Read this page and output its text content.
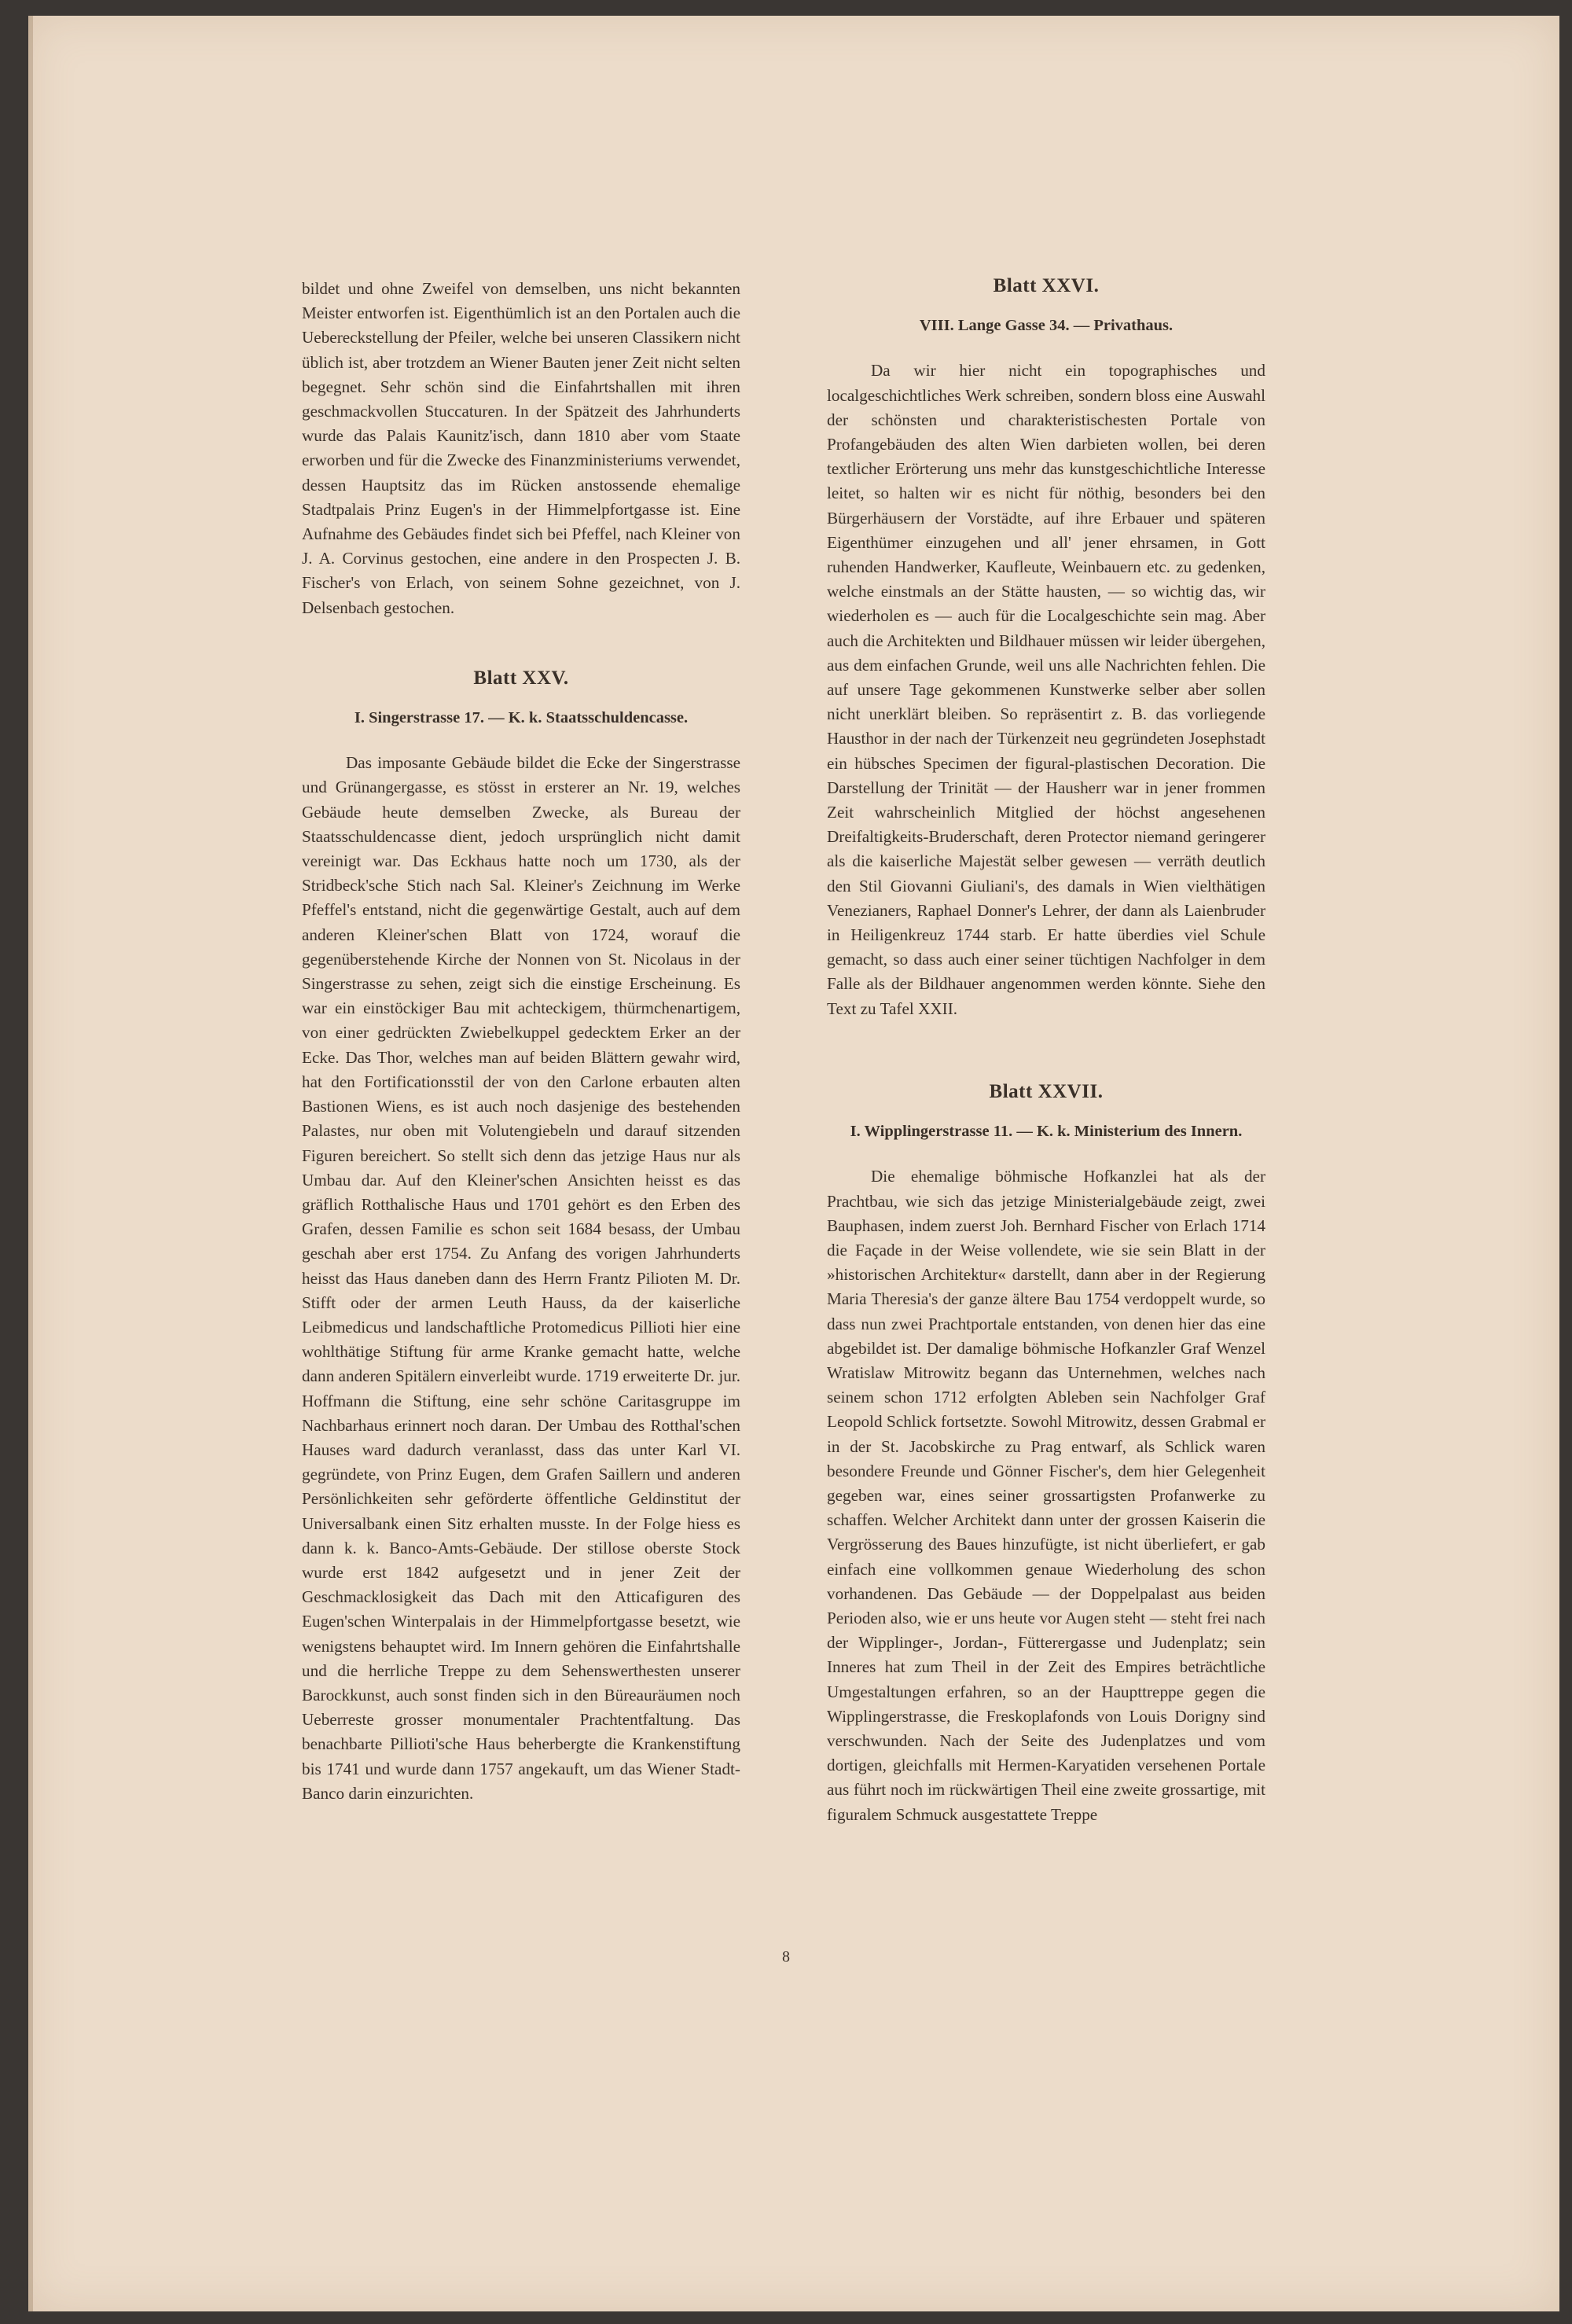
bildet und ohne Zweifel von demselben, uns nicht bekannten Meister entworfen ist. Eigenthümlich ist an den Portalen auch die Uebereckstellung der Pfeiler, welche bei unseren Classikern nicht üblich ist, aber trotzdem an Wiener Bauten jener Zeit nicht selten begegnet. Sehr schön sind die Einfahrtshallen mit ihren geschmackvollen Stuccaturen. In der Spätzeit des Jahrhunderts wurde das Palais Kaunitz'isch, dann 1810 aber vom Staate erworben und für die Zwecke des Finanzministeriums verwendet, dessen Hauptsitz das im Rücken anstossende ehemalige Stadtpalais Prinz Eugen's in der Himmelpfortgasse ist. Eine Aufnahme des Gebäudes findet sich bei Pfeffel, nach Kleiner von J. A. Corvinus gestochen, eine andere in den Prospecten J. B. Fischer's von Erlach, von seinem Sohne gezeichnet, von J. Delsenbach gestochen.

Blatt XXV.
I. Singerstrasse 17. — K. k. Staatsschuldencasse.

Das imposante Gebäude bildet die Ecke der Singerstrasse und Grünangergasse, es stösst in ersterer an Nr. 19, welches Gebäude heute demselben Zwecke, als Bureau der Staatsschuldencasse dient, jedoch ursprünglich nicht damit vereinigt war. Das Eckhaus hatte noch um 1730, als der Stridbeck'sche Stich nach Sal. Kleiner's Zeichnung im Werke Pfeffel's entstand, nicht die gegenwärtige Gestalt, auch auf dem anderen Kleiner'schen Blatt von 1724, worauf die gegenüberstehende Kirche der Nonnen von St. Nicolaus in der Singerstrasse zu sehen, zeigt sich die einstige Erscheinung. Es war ein einstöckiger Bau mit achteckigem, thürmchenartigem, von einer gedrückten Zwiebelkuppel gedecktem Erker an der Ecke. Das Thor, welches man auf beiden Blättern gewahr wird, hat den Fortificationsstil der von den Carlone erbauten alten Bastionen Wiens, es ist auch noch dasjenige des bestehenden Palastes, nur oben mit Volutengiebeln und darauf sitzenden Figuren bereichert. So stellt sich denn das jetzige Haus nur als Umbau dar. Auf den Kleiner'schen Ansichten heisst es das gräflich Rotthalische Haus und 1701 gehört es den Erben des Grafen, dessen Familie es schon seit 1684 besass, der Umbau geschah aber erst 1754. Zu Anfang des vorigen Jahrhunderts heisst das Haus daneben dann des Herrn Frantz Pilioten M. Dr. Stifft oder der armen Leuth Hauss, da der kaiserliche Leibmedicus und landschaftliche Protomedicus Pillioti hier eine wohlthätige Stiftung für arme Kranke gemacht hatte, welche dann anderen Spitälern einverleibt wurde. 1719 erweiterte Dr. jur. Hoffmann die Stiftung, eine sehr schöne Caritasgruppe im Nachbarhaus erinnert noch daran. Der Umbau des Rotthal'schen Hauses ward dadurch veranlasst, dass das unter Karl VI. gegründete, von Prinz Eugen, dem Grafen Saillern und anderen Persönlichkeiten sehr geförderte öffentliche Geldinstitut der Universalbank einen Sitz erhalten musste. In der Folge hiess es dann k. k. Banco-Amts-Gebäude. Der stillose oberste Stock wurde erst 1842 aufgesetzt und in jener Zeit der Geschmacklosigkeit das Dach mit den Atticafiguren des Eugen'schen Winterpalais in der Himmelpfortgasse besetzt, wie wenigstens behauptet wird. Im Innern gehören die Einfahrtshalle und die herrliche Treppe zu dem Sehenswerthesten unserer Barockkunst, auch sonst finden sich in den Büreauräumen noch Ueberreste grosser monumentaler Prachtentfaltung. Das benachbarte Pillioti'sche Haus beherbergte die Krankenstiftung bis 1741 und wurde dann 1757 angekauft, um das Wiener Stadt-Banco darin einzurichten.

Blatt XXVI.
VIII. Lange Gasse 34. — Privathaus.

Da wir hier nicht ein topographisches und localgeschichtliches Werk schreiben, sondern bloss eine Auswahl der schönsten und charakteristischesten Portale von Profangebäuden des alten Wien darbieten wollen, bei deren textlicher Erörterung uns mehr das kunstgeschichtliche Interesse leitet, so halten wir es nicht für nöthig, besonders bei den Bürgerhäusern der Vorstädte, auf ihre Erbauer und späteren Eigenthümer einzugehen und all' jener ehrsamen, in Gott ruhenden Handwerker, Kaufleute, Weinbauern etc. zu gedenken, welche einstmals an der Stätte hausten, — so wichtig das, wir wiederholen es — auch für die Localgeschichte sein mag. Aber auch die Architekten und Bildhauer müssen wir leider übergehen, aus dem einfachen Grunde, weil uns alle Nachrichten fehlen. Die auf unsere Tage gekommenen Kunstwerke selber aber sollen nicht unerklärt bleiben. So repräsentirt z. B. das vorliegende Hausthor in der nach der Türkenzeit neu gegründeten Josephstadt ein hübsches Specimen der figural-plastischen Decoration. Die Darstellung der Trinität — der Hausherr war in jener frommen Zeit wahrscheinlich Mitglied der höchst angesehenen Dreifaltigkeits-Bruderschaft, deren Protector niemand geringerer als die kaiserliche Majestät selber gewesen — verräth deutlich den Stil Giovanni Giuliani's, des damals in Wien vielthätigen Venezianers, Raphael Donner's Lehrer, der dann als Laienbruder in Heiligenkreuz 1744 starb. Er hatte überdies viel Schule gemacht, so dass auch einer seiner tüchtigen Nachfolger in dem Falle als der Bildhauer angenommen werden könnte. Siehe den Text zu Tafel XXII.

Blatt XXVII.
I. Wipplingerstrasse 11. — K. k. Ministerium des Innern.

Die ehemalige böhmische Hofkanzlei hat als der Prachtbau, wie sich das jetzige Ministerialgebäude zeigt, zwei Bauphasen, indem zuerst Joh. Bernhard Fischer von Erlach 1714 die Façade in der Weise vollendete, wie sie sein Blatt in der »historischen Architektur« darstellt, dann aber in der Regierung Maria Theresia's der ganze ältere Bau 1754 verdoppelt wurde, so dass nun zwei Prachtportale entstanden, von denen hier das eine abgebildet ist. Der damalige böhmische Hofkanzler Graf Wenzel Wratislaw Mitrowitz begann das Unternehmen, welches nach seinem schon 1712 erfolgten Ableben sein Nachfolger Graf Leopold Schlick fortsetzte. Sowohl Mitrowitz, dessen Grabmal er in der St. Jacobskirche zu Prag entwarf, als Schlick waren besondere Freunde und Gönner Fischer's, dem hier Gelegenheit gegeben war, eines seiner grossartigsten Profanwerke zu schaffen. Welcher Architekt dann unter der grossen Kaiserin die Vergrösserung des Baues hinzufügte, ist nicht überliefert, er gab einfach eine vollkommen genaue Wiederholung des schon vorhandenen. Das Gebäude — der Doppelpalast aus beiden Perioden also, wie er uns heute vor Augen steht — steht frei nach der Wipplinger-, Jordan-, Fütterergasse und Judenplatz; sein Inneres hat zum Theil in der Zeit des Empires beträchtliche Umgestaltungen erfahren, so an der Haupttreppe gegen die Wipplingerstrasse, die Freskoplafonds von Louis Dorigny sind verschwunden. Nach der Seite des Judenplatzes und vom dortigen, gleichfalls mit Hermen-Karyatiden versehenen Portale aus führt noch im rückwärtigen Theil eine zweite grossartige, mit figuralem Schmuck ausgestattete Treppe

8
